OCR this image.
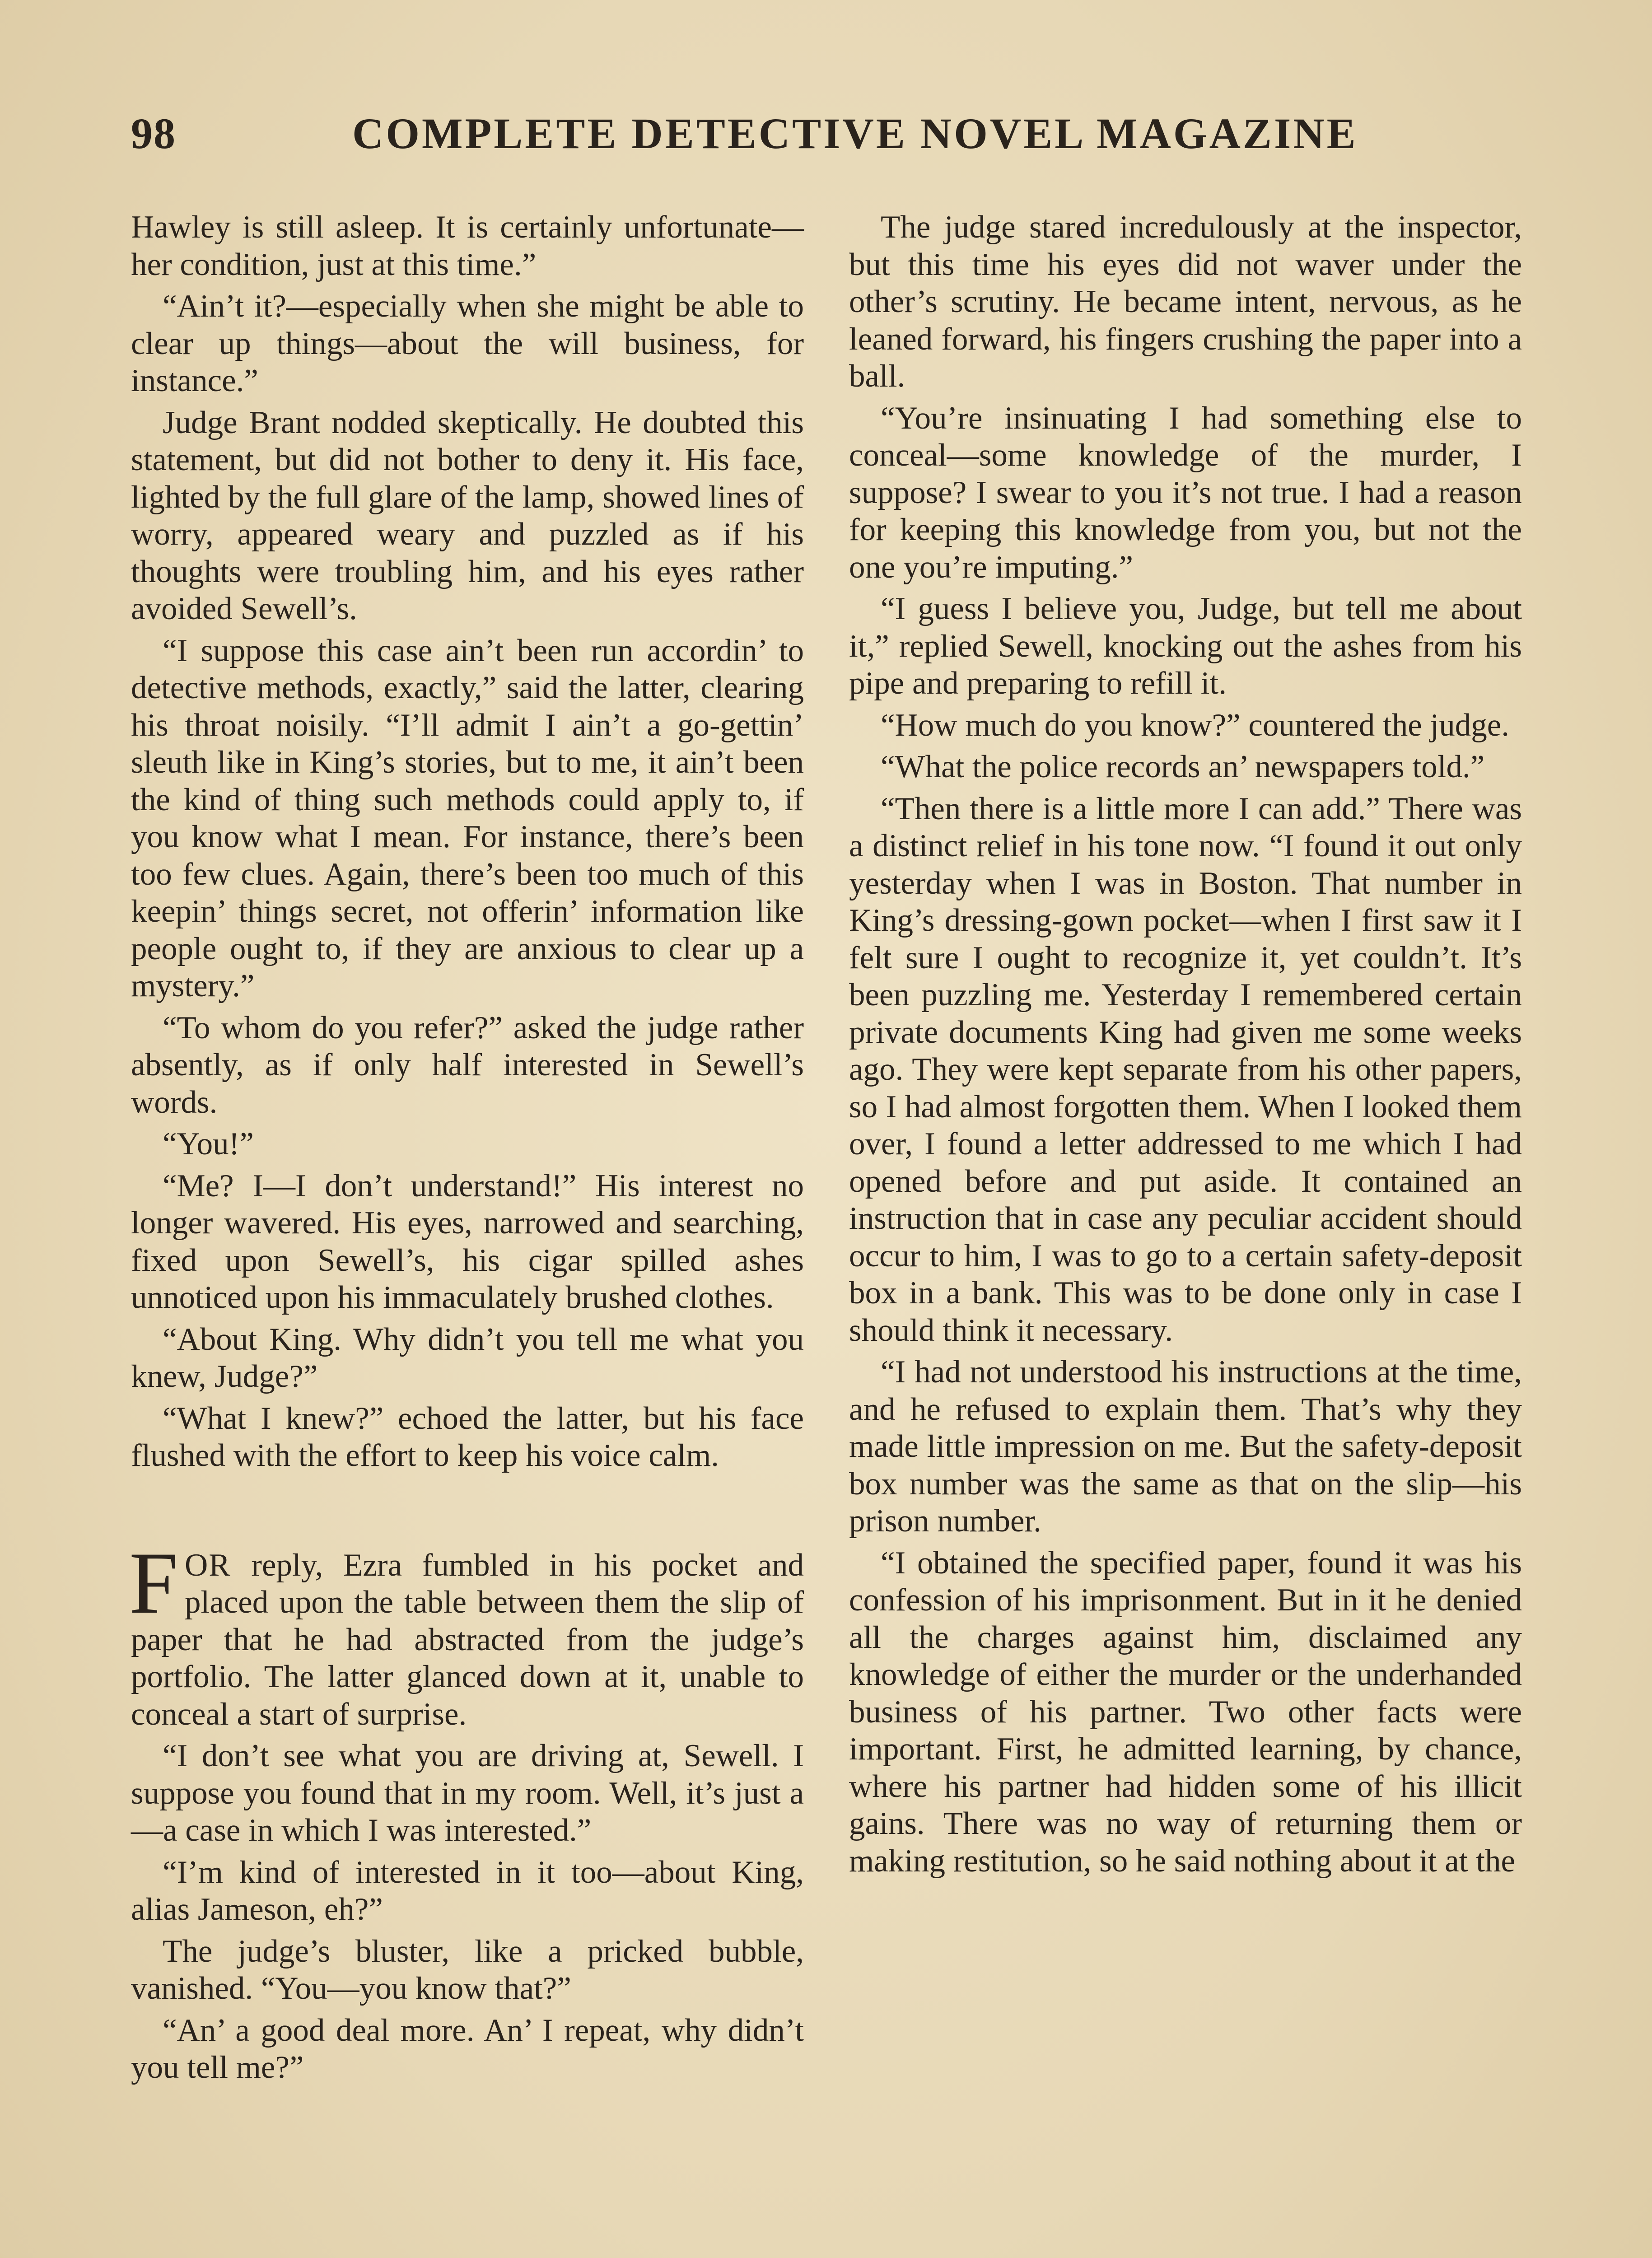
98	COMPLETE DETECTIVE NOVEL MAGAZINE

Hawley is still asleep. It is certainly unfortunate—her condition, just at this time.”

“Ain’t it?—especially when she might be able to clear up things—about the will business, for instance.”

Judge Brant nodded skeptically. He doubted this statement, but did not bother to deny it. His face, lighted by the full glare of the lamp, showed lines of worry, appeared weary and puzzled as if his thoughts were troubling him, and his eyes rather avoided Sewell’s.

“I suppose this case ain’t been run accordin’ to detective methods, exactly,” said the latter, clearing his throat noisily. “I’ll admit I ain’t a go-gettin’ sleuth like in King’s stories, but to me, it ain’t been the kind of thing such methods could apply to, if you know what I mean. For instance, there’s been too few clues. Again, there’s been too much of this keepin’ things secret, not offerin’ information like people ought to, if they are anxious to clear up a mystery.”

“To whom do you refer?” asked the judge rather absently, as if only half interested in Sewell’s words.

“You!”

“Me? I—I don’t understand!” His interest no longer wavered. His eyes, narrowed and searching, fixed upon Sewell’s, his cigar spilled ashes unnoticed upon his immaculately brushed clothes.

“About King. Why didn’t you tell me what you knew, Judge?”

“What I knew?” echoed the latter, but his face flushed with the effort to keep his voice calm.

FOR reply, Ezra fumbled in his pocket and placed upon the table between them the slip of paper that he had abstracted from the judge’s portfolio. The latter glanced down at it, unable to conceal a start of surprise.

“I don’t see what you are driving at, Sewell. I suppose you found that in my room. Well, it’s just a—a case in which I was interested.”

“I’m kind of interested in it too—about King, alias Jameson, eh?”

The judge’s bluster, like a pricked bubble, vanished. “You—you know that?”

“An’ a good deal more. An’ I repeat, why didn’t you tell me?”

The judge stared incredulously at the inspector, but this time his eyes did not waver under the other’s scrutiny. He became intent, nervous, as he leaned forward, his fingers crushing the paper into a ball.

“You’re insinuating I had something else to conceal—some knowledge of the murder, I suppose? I swear to you it’s not true. I had a reason for keeping this knowledge from you, but not the one you’re imputing.”

“I guess I believe you, Judge, but tell me about it,” replied Sewell, knocking out the ashes from his pipe and preparing to refill it.

“How much do you know?” countered the judge.

“What the police records an’ newspapers told.”

“Then there is a little more I can add.” There was a distinct relief in his tone now. “I found it out only yesterday when I was in Boston. That number in King’s dressing-gown pocket—when I first saw it I felt sure I ought to recognize it, yet couldn’t. It’s been puzzling me. Yesterday I remembered certain private documents King had given me some weeks ago. They were kept separate from his other papers, so I had almost forgotten them. When I looked them over, I found a letter addressed to me which I had opened before and put aside. It contained an instruction that in case any peculiar accident should occur to him, I was to go to a certain safety-deposit box in a bank. This was to be done only in case I should think it necessary.

“I had not understood his instructions at the time, and he refused to explain them. That’s why they made little impression on me. But the safety-deposit box number was the same as that on the slip—his prison number.

“I obtained the specified paper, found it was his confession of his imprisonment. But in it he denied all the charges against him, disclaimed any knowledge of either the murder or the underhanded business of his partner. Two other facts were important. First, he admitted learning, by chance, where his partner had hidden some of his illicit gains. There was no way of returning them or making restitution, so he said nothing about it at the
